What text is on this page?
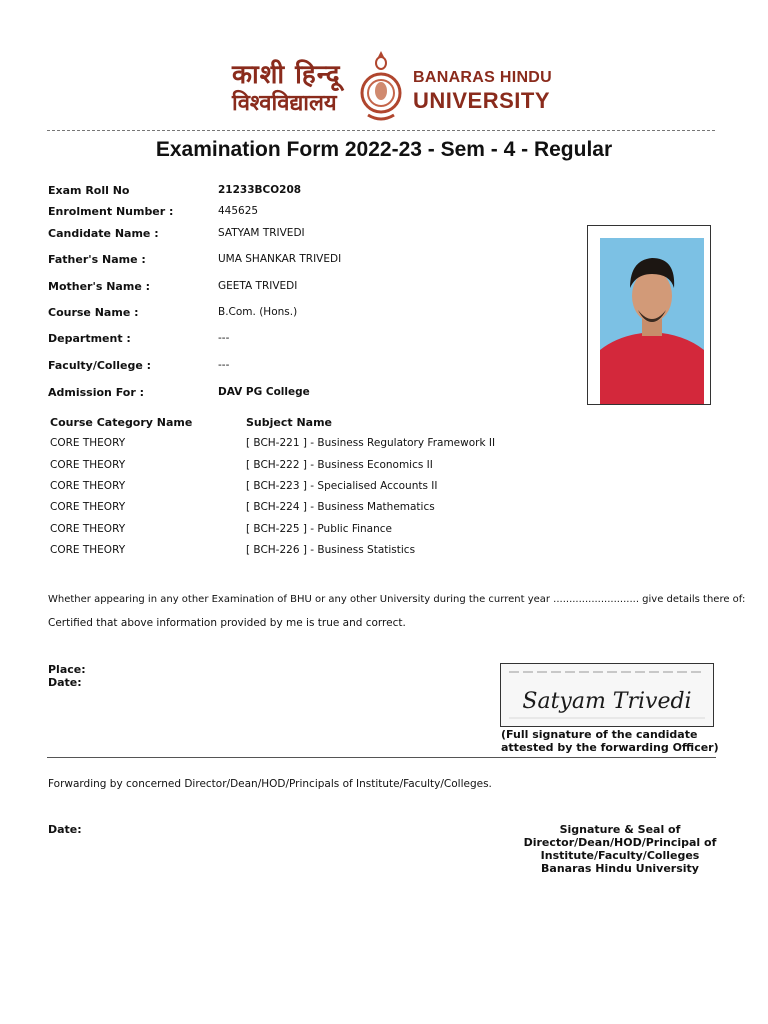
काशी हिन्दू
विश्वविद्यालय
BANARAS HINDU
UNIVERSITY
Examination Form 2022-23 - Sem - 4 - Regular
Exam Roll No	21233BCO208
Enrolment Number :	445625
Candidate Name :	SATYAM TRIVEDI
Father's Name :	UMA SHANKAR TRIVEDI
Mother's Name :	GEETA TRIVEDI
Course Name :	B.Com. (Hons.)
Department :	---
Faculty/College :	---
Admission For :	DAV PG College
Course Category Name	Subject Name
CORE THEORY	[ BCH-221 ] - Business Regulatory Framework II
CORE THEORY	[ BCH-222 ] - Business Economics II
CORE THEORY	[ BCH-223 ] - Specialised Accounts II
CORE THEORY	[ BCH-224 ] - Business Mathematics
CORE THEORY	[ BCH-225 ] - Public Finance
CORE THEORY	[ BCH-226 ] - Business Statistics
Whether appearing in any other Examination of BHU or any other University during the current year ........................... give details there of:
Certified that above information provided by me is true and correct.
Place:
Date:
Satyam Trivedi
(Full signature of the candidate
attested by the forwarding Officer)
Forwarding by concerned Director/Dean/HOD/Principals of Institute/Faculty/Colleges.
Date:	Signature & Seal of
Director/Dean/HOD/Principal of
Institute/Faculty/Colleges
Banaras Hindu University
